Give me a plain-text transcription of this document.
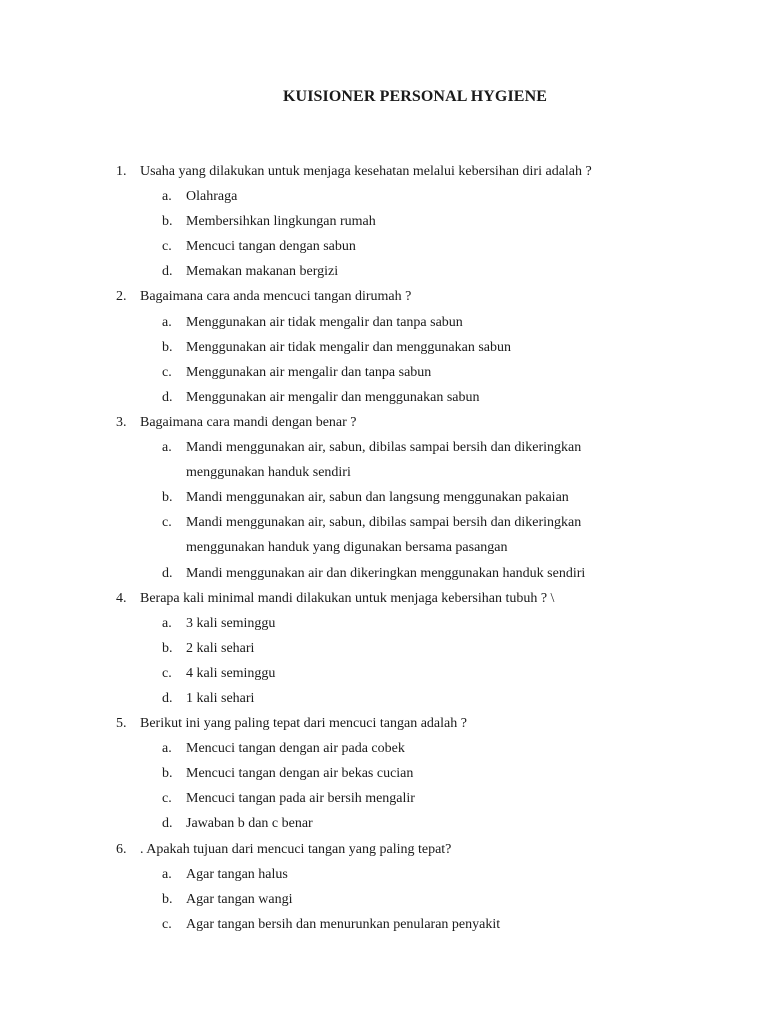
KUISIONER PERSONAL HYGIENE
1. Usaha yang dilakukan untuk menjaga kesehatan melalui kebersihan diri adalah ?
a. Olahraga
b. Membersihkan lingkungan rumah
c. Mencuci tangan dengan sabun
d. Memakan makanan bergizi
2. Bagaimana cara anda mencuci tangan dirumah ?
a. Menggunakan air tidak mengalir dan tanpa sabun
b. Menggunakan air tidak mengalir dan menggunakan sabun
c. Menggunakan air mengalir dan tanpa sabun
d. Menggunakan air mengalir dan menggunakan sabun
3. Bagaimana cara mandi dengan benar ?
a. Mandi menggunakan air, sabun, dibilas sampai bersih dan dikeringkan menggunakan handuk sendiri
b. Mandi menggunakan air, sabun dan langsung menggunakan pakaian
c. Mandi menggunakan air, sabun, dibilas sampai bersih dan dikeringkan menggunakan handuk yang digunakan bersama pasangan
d. Mandi menggunakan air dan dikeringkan menggunakan handuk sendiri
4. Berapa kali minimal mandi dilakukan untuk menjaga kebersihan tubuh ? \
a. 3 kali seminggu
b. 2 kali sehari
c. 4 kali seminggu
d. 1 kali sehari
5. Berikut ini yang paling tepat dari mencuci tangan adalah ?
a. Mencuci tangan dengan air pada cobek
b. Mencuci tangan dengan air bekas cucian
c. Mencuci tangan pada air bersih mengalir
d. Jawaban b dan c benar
6. . Apakah tujuan dari mencuci tangan yang paling tepat?
a. Agar tangan halus
b. Agar tangan wangi
c. Agar tangan bersih dan menurunkan penularan penyakit
